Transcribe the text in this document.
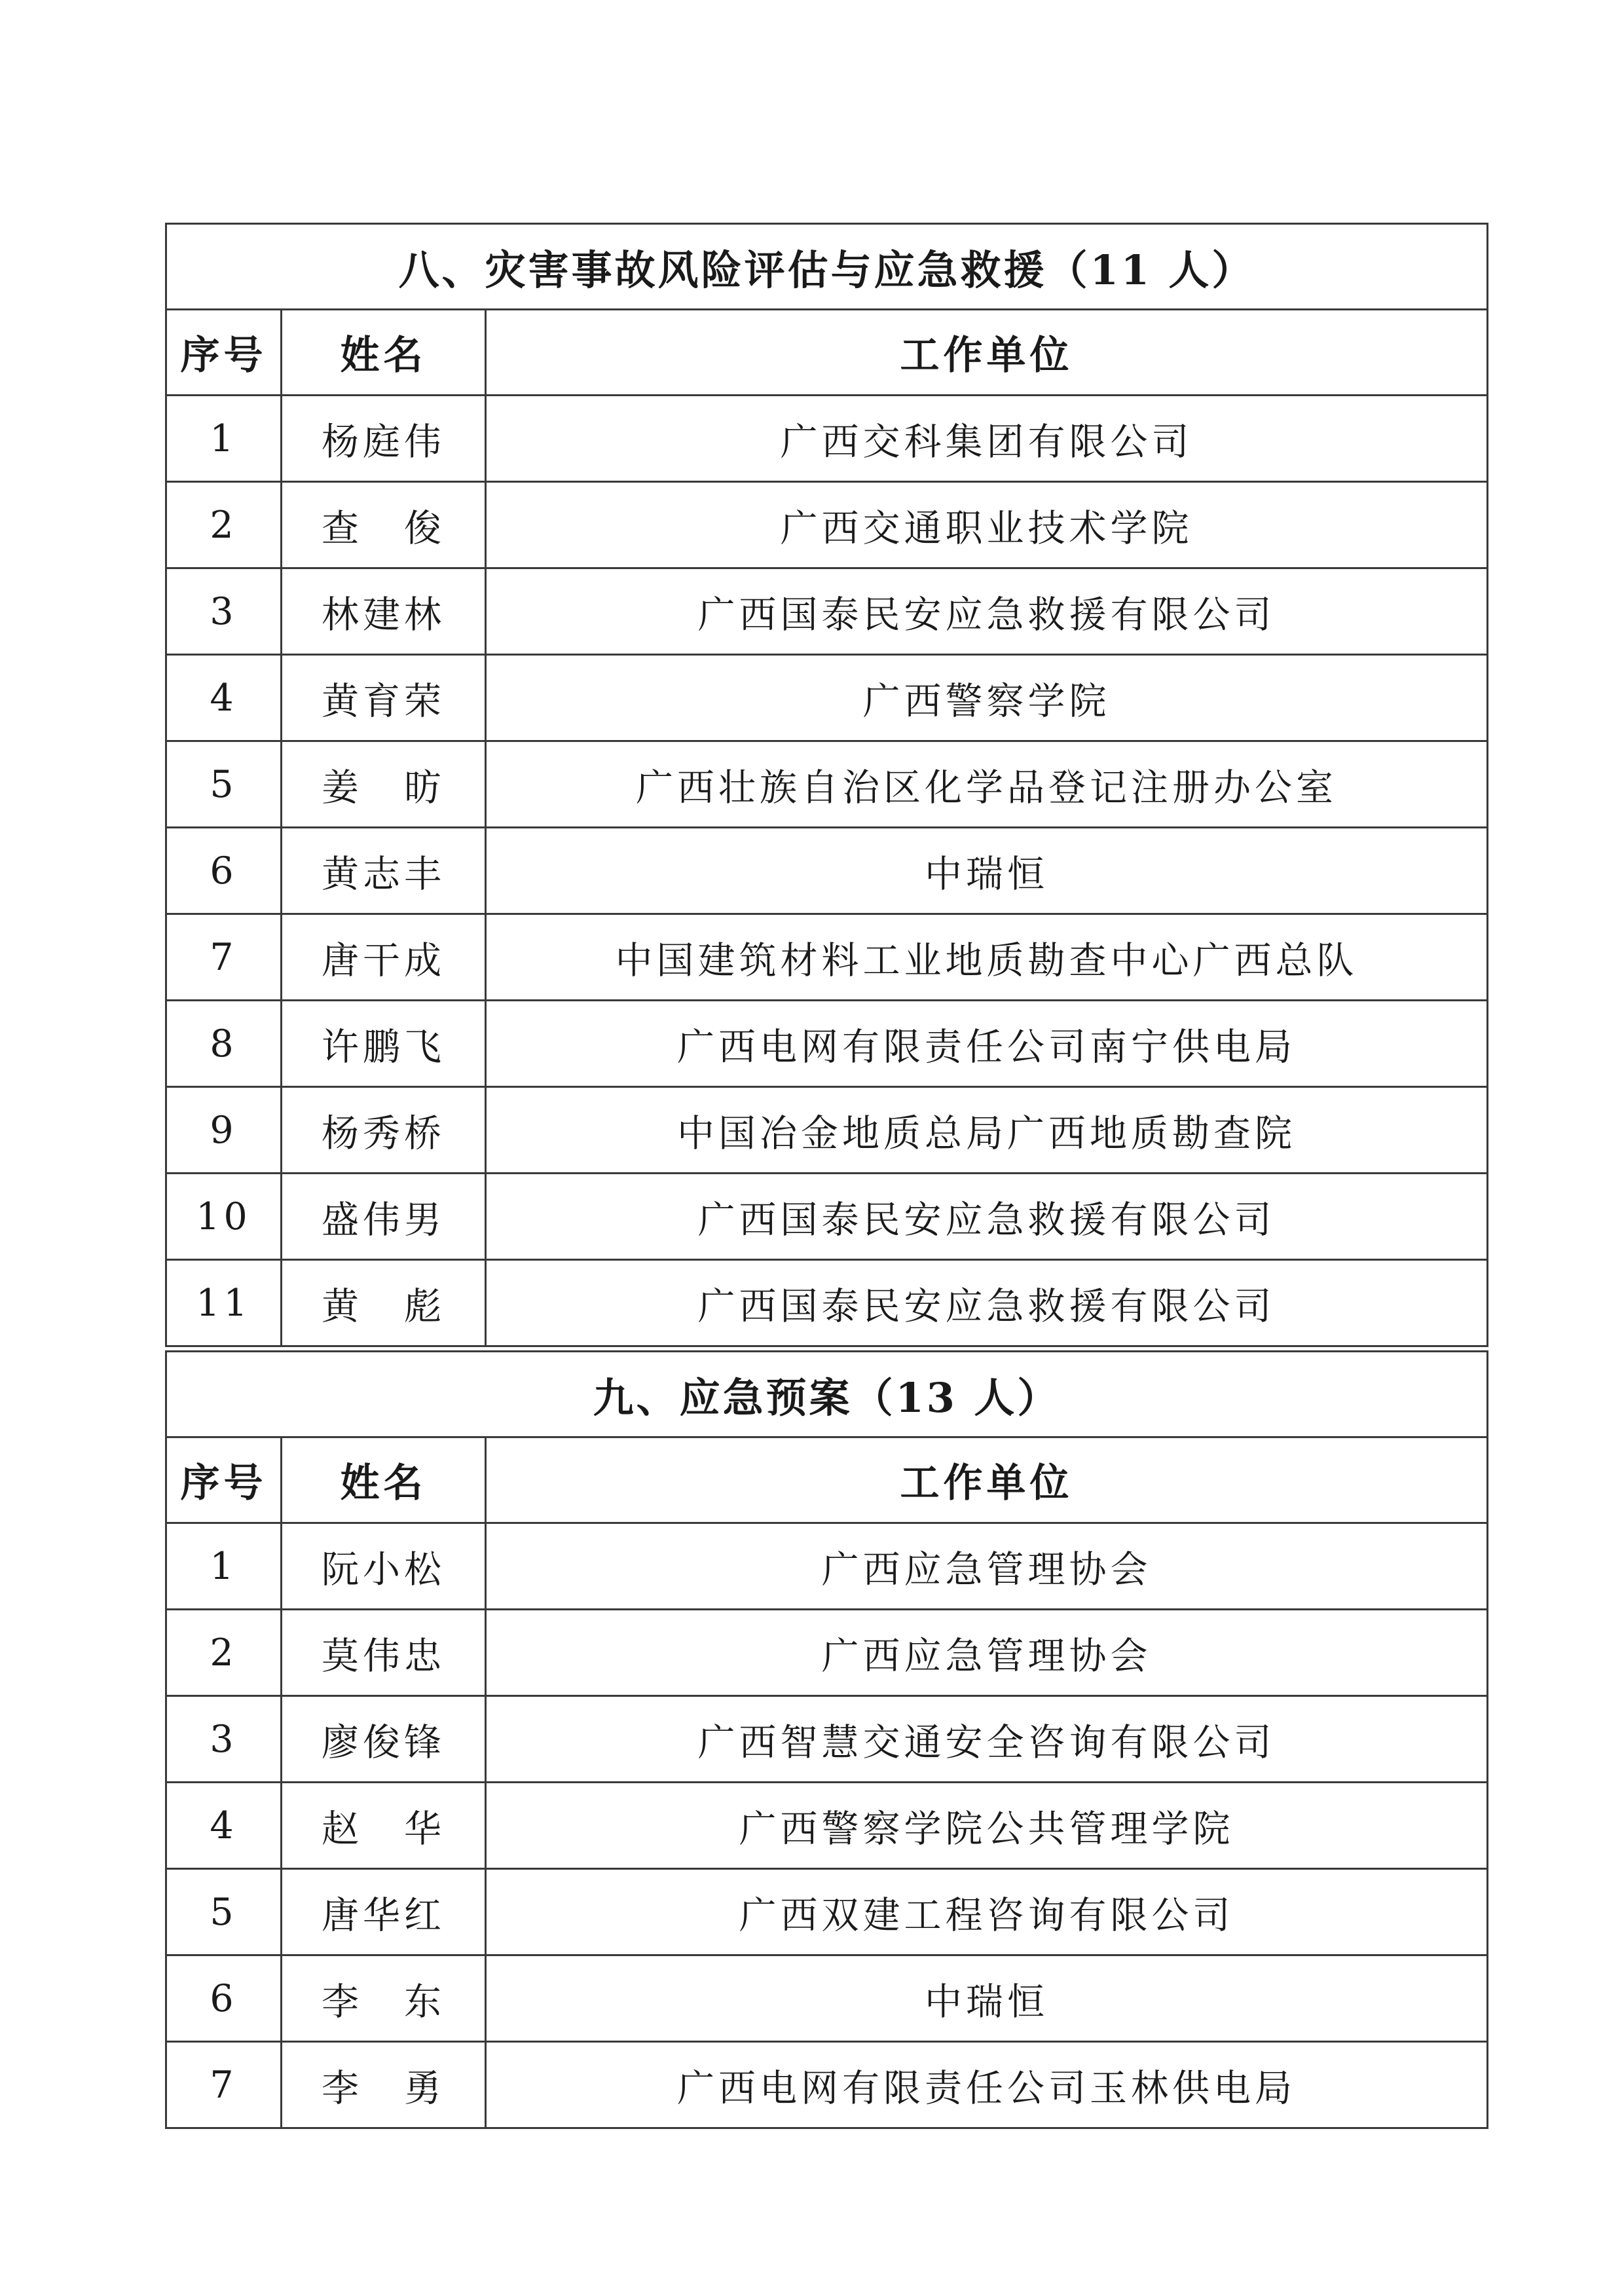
八、灾害事故风险评估与应急救援（11 人）		
序号	姓名	工作单位
1	杨庭伟	广西交科集团有限公司
2	查　俊	广西交通职业技术学院
3	林建林	广西国泰民安应急救援有限公司
4	黄育荣	广西警察学院
5	姜　昉	广西壮族自治区化学品登记注册办公室
6	黄志丰	中瑞恒
7	唐干成	中国建筑材料工业地质勘查中心广西总队
8	许鹏飞	广西电网有限责任公司南宁供电局
9	杨秀桥	中国冶金地质总局广西地质勘查院
10	盛伟男	广西国泰民安应急救援有限公司
11	黄　彪	广西国泰民安应急救援有限公司
九、应急预案（13 人）		
序号	姓名	工作单位
1	阮小松	广西应急管理协会
2	莫伟忠	广西应急管理协会
3	廖俊锋	广西智慧交通安全咨询有限公司
4	赵　华	广西警察学院公共管理学院
5	唐华红	广西双建工程咨询有限公司
6	李　东	中瑞恒
7	李　勇	广西电网有限责任公司玉林供电局
